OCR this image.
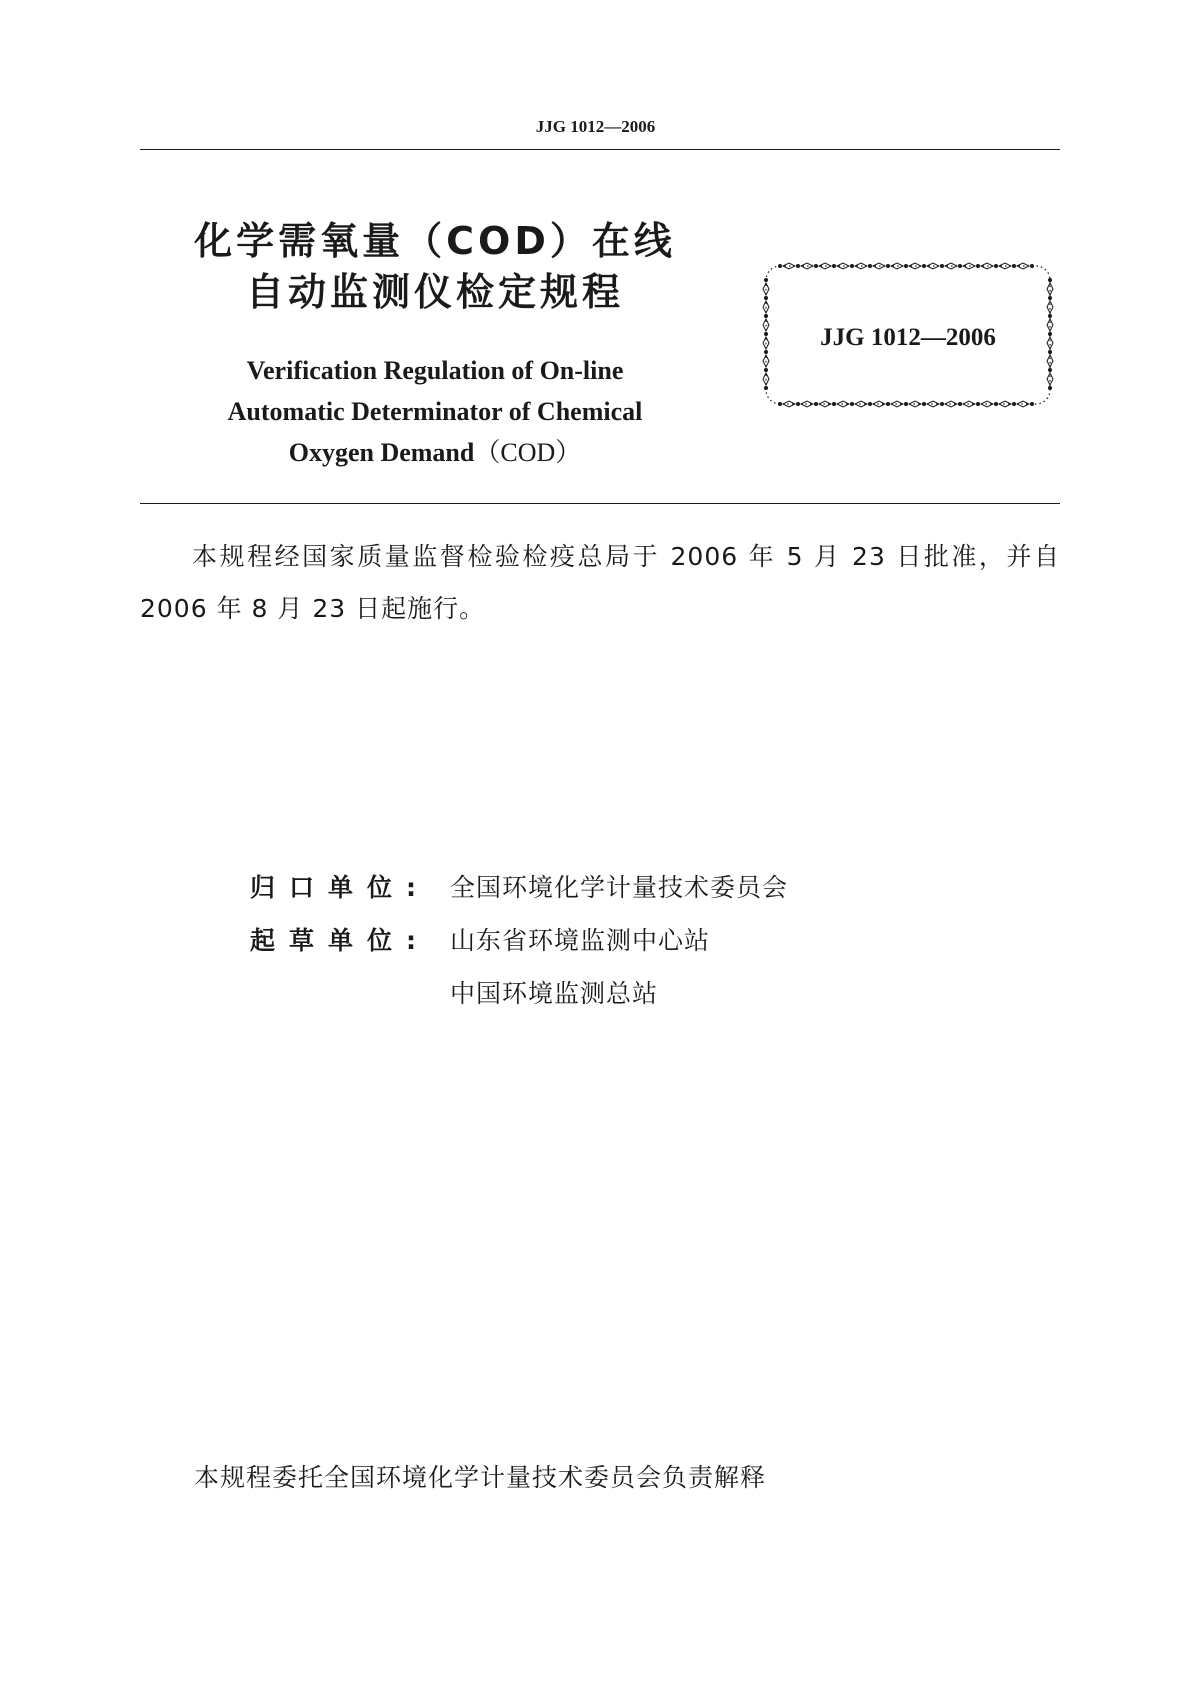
JJG 1012—2006
化学需氧量（COD）在线
自动监测仪检定规程
Verification Regulation of On-line
Automatic Determinator of Chemical
Oxygen Demand（COD）
JJG 1012—2006
本规程经国家质量监督检验检疫总局于 2006 年 5 月 23 日批准，并自 2006 年 8 月 23 日起施行。
归口单位: 全国环境化学计量技术委员会
起草单位: 山东省环境监测中心站
中国环境监测总站
本规程委托全国环境化学计量技术委员会负责解释
